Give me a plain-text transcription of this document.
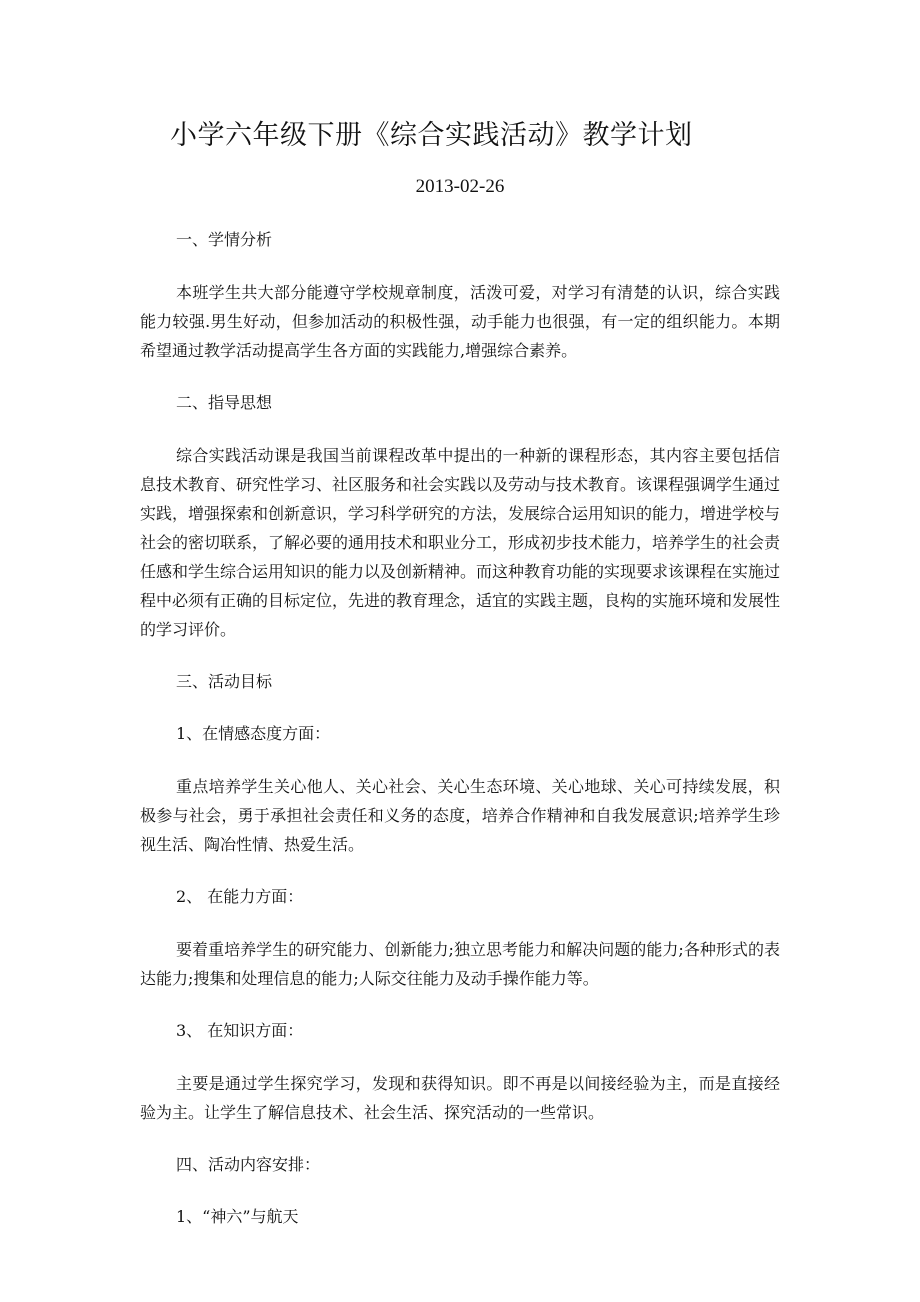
小学六年级下册《综合实践活动》教学计划
2013-02-26

一、学情分析

本班学生共大部分能遵守学校规章制度，活泼可爱，对学习有清楚的认识，综合实践能力较强.男生好动，但参加活动的积极性强，动手能力也很强，有一定的组织能力。本期希望通过教学活动提高学生各方面的实践能力,增强综合素养。

二、指导思想

综合实践活动课是我国当前课程改革中提出的一种新的课程形态，其内容主要包括信息技术教育、研究性学习、社区服务和社会实践以及劳动与技术教育。该课程强调学生通过实践，增强探索和创新意识，学习科学研究的方法，发展综合运用知识的能力，增进学校与社会的密切联系，了解必要的通用技术和职业分工，形成初步技术能力，培养学生的社会责任感和学生综合运用知识的能力以及创新精神。而这种教育功能的实现要求该课程在实施过程中必须有正确的目标定位，先进的教育理念，适宜的实践主题，良构的实施环境和发展性的学习评价。

三、活动目标

1、在情感态度方面：

重点培养学生关心他人、关心社会、关心生态环境、关心地球、关心可持续发展，积极参与社会，勇于承担社会责任和义务的态度，培养合作精神和自我发展意识;培养学生珍视生活、陶冶性情、热爱生活。

2、 在能力方面：

要着重培养学生的研究能力、创新能力;独立思考能力和解决问题的能力;各种形式的表达能力;搜集和处理信息的能力;人际交往能力及动手操作能力等。

3、 在知识方面：

主要是通过学生探究学习，发现和获得知识。即不再是以间接经验为主，而是直接经验为主。让学生了解信息技术、社会生活、探究活动的一些常识。

四、活动内容安排：

1、“神六”与航天
